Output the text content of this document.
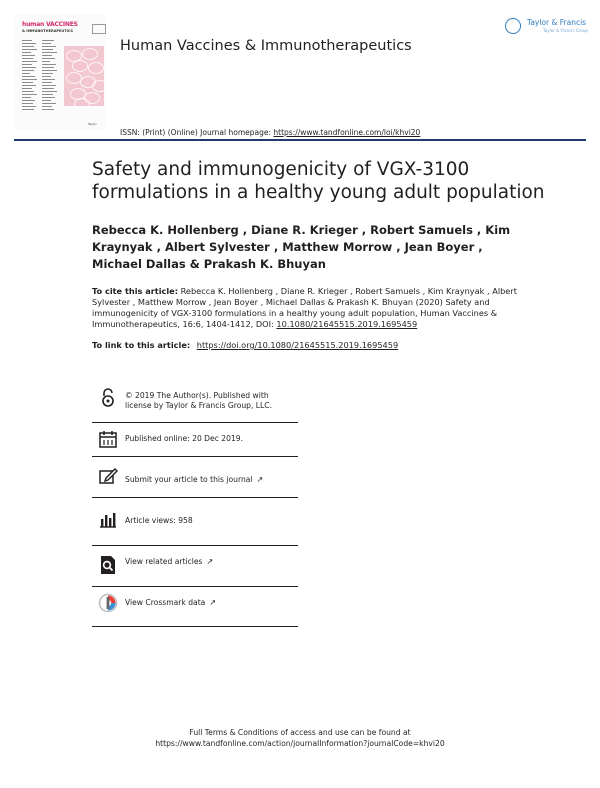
human VACCINES
& IMMUNOTHERAPEUTICS
Taylor
Human Vaccines & Immunotherapeutics
Taylor & Francis
Taylor & Francis Group
ISSN: (Print) (Online) Journal homepage: https://www.tandfonline.com/loi/khvi20
Safety and immunogenicity of VGX-3100 formulations in a healthy young adult population
Rebecca K. Hollenberg , Diane R. Krieger , Robert Samuels , Kim Kraynyak , Albert Sylvester , Matthew Morrow , Jean Boyer , Michael Dallas & Prakash K. Bhuyan
To cite this article: Rebecca K. Hollenberg , Diane R. Krieger , Robert Samuels , Kim Kraynyak , Albert Sylvester , Matthew Morrow , Jean Boyer , Michael Dallas & Prakash K. Bhuyan (2020) Safety and immunogenicity of VGX-3100 formulations in a healthy young adult population, Human Vaccines & Immunotherapeutics, 16:6, 1404-1412, DOI: 10.1080/21645515.2019.1695459
To link to this article: https://doi.org/10.1080/21645515.2019.1695459
© 2019 The Author(s). Published with license by Taylor & Francis Group, LLC.
Published online: 20 Dec 2019.
Submit your article to this journal ↗
Article views: 958
View related articles ↗
View Crossmark data ↗
Full Terms & Conditions of access and use can be found at
https://www.tandfonline.com/action/journalInformation?journalCode=khvi20
